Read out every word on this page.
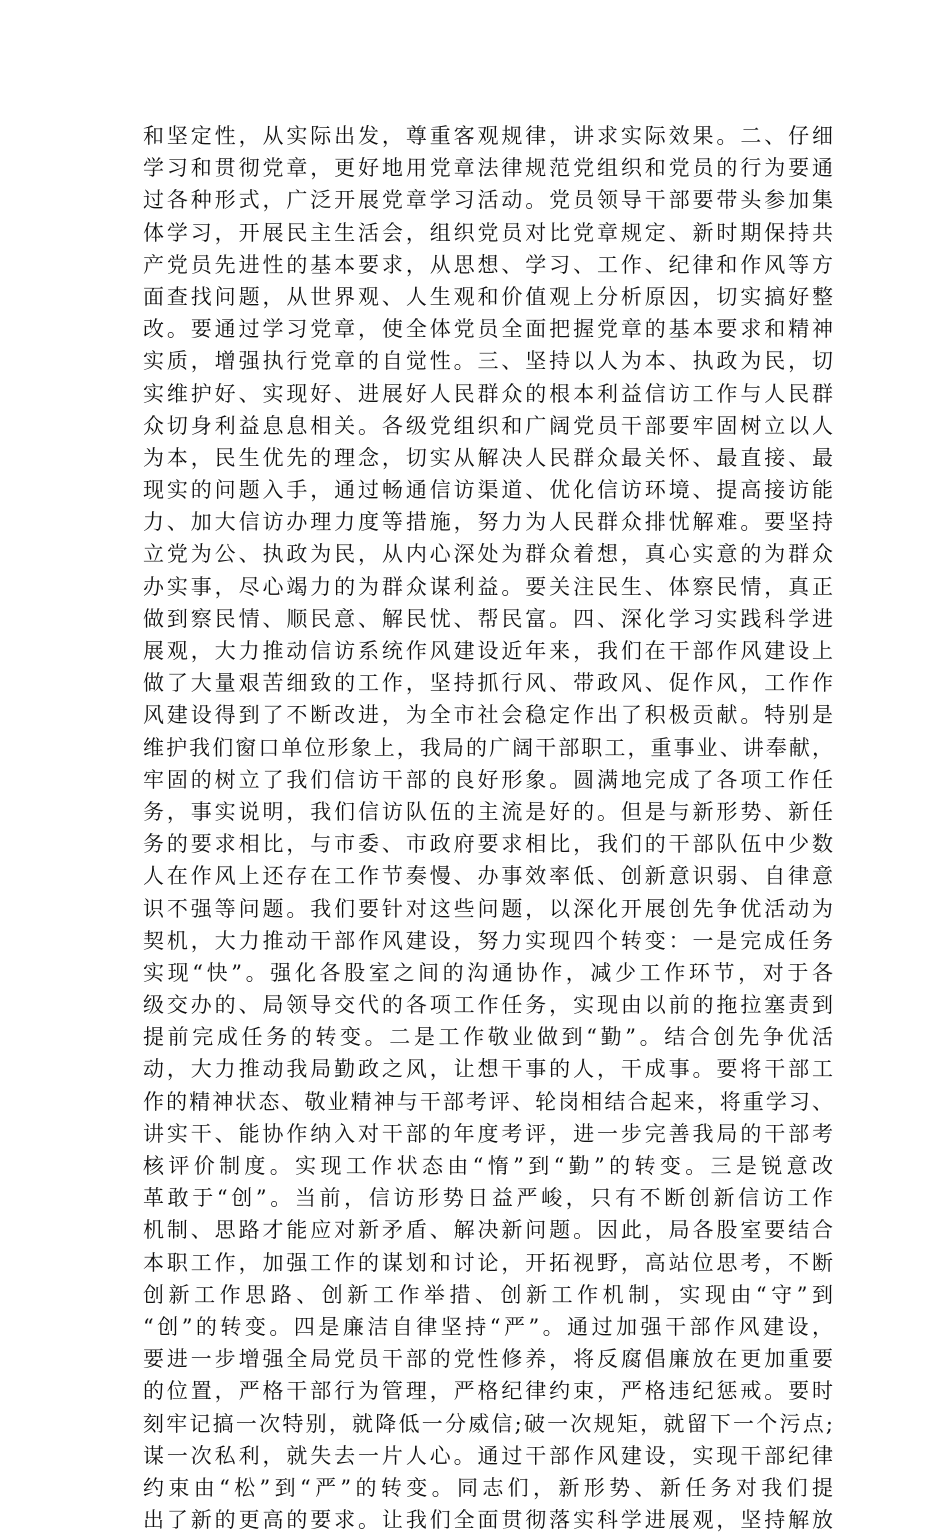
和坚定性，从实际出发，尊重客观规律，讲求实际效果。二、仔细
学习和贯彻党章，更好地用党章法律规范党组织和党员的行为要通
过各种形式，广泛开展党章学习活动。党员领导干部要带头参加集
体学习，开展民主生活会，组织党员对比党章规定、新时期保持共
产党员先进性的基本要求，从思想、学习、工作、纪律和作风等方
面查找问题，从世界观、人生观和价值观上分析原因，切实搞好整
改。要通过学习党章，使全体党员全面把握党章的基本要求和精神
实质，增强执行党章的自觉性。三、坚持以人为本、执政为民，切
实维护好、实现好、进展好人民群众的根本利益信访工作与人民群
众切身利益息息相关。各级党组织和广阔党员干部要牢固树立以人
为本，民生优先的理念，切实从解决人民群众最关怀、最直接、最
现实的问题入手，通过畅通信访渠道、优化信访环境、提高接访能
力、加大信访办理力度等措施，努力为人民群众排忧解难。要坚持
立党为公、执政为民，从内心深处为群众着想，真心实意的为群众
办实事，尽心竭力的为群众谋利益。要关注民生、体察民情，真正
做到察民情、顺民意、解民忧、帮民富。四、深化学习实践科学进
展观，大力推动信访系统作风建设近年来，我们在干部作风建设上
做了大量艰苦细致的工作，坚持抓行风、带政风、促作风，工作作
风建设得到了不断改进，为全市社会稳定作出了积极贡献。特别是
维护我们窗口单位形象上，我局的广阔干部职工，重事业、讲奉献，
牢固的树立了我们信访干部的良好形象。圆满地完成了各项工作任
务，事实说明，我们信访队伍的主流是好的。但是与新形势、新任
务的要求相比，与市委、市政府要求相比，我们的干部队伍中少数
人在作风上还存在工作节奏慢、办事效率低、创新意识弱、自律意
识不强等问题。我们要针对这些问题，以深化开展创先争优活动为
契机，大力推动干部作风建设，努力实现四个转变：一是完成任务
实现“快”。强化各股室之间的沟通协作，减少工作环节，对于各
级交办的、局领导交代的各项工作任务，实现由以前的拖拉塞责到
提前完成任务的转变。二是工作敬业做到“勤”。结合创先争优活
动，大力推动我局勤政之风，让想干事的人，干成事。要将干部工
作的精神状态、敬业精神与干部考评、轮岗相结合起来，将重学习、
讲实干、能协作纳入对干部的年度考评，进一步完善我局的干部考
核评价制度。实现工作状态由“惰”到“勤”的转变。三是锐意改
革敢于“创”。当前，信访形势日益严峻，只有不断创新信访工作
机制、思路才能应对新矛盾、解决新问题。因此，局各股室要结合
本职工作，加强工作的谋划和讨论，开拓视野，高站位思考，不断
创新工作思路、创新工作举措、创新工作机制，实现由“守”到
“创”的转变。四是廉洁自律坚持“严”。通过加强干部作风建设，
要进一步增强全局党员干部的党性修养，将反腐倡廉放在更加重要
的位置，严格干部行为管理，严格纪律约束，严格违纪惩戒。要时
刻牢记搞一次特别，就降低一分威信;破一次规矩，就留下一个污点;
谋一次私利，就失去一片人心。通过干部作风建设，实现干部纪律
约束由“松”到“严”的转变。同志们，新形势、新任务对我们提
出了新的更高的要求。让我们全面贯彻落实科学进展观，坚持解放
